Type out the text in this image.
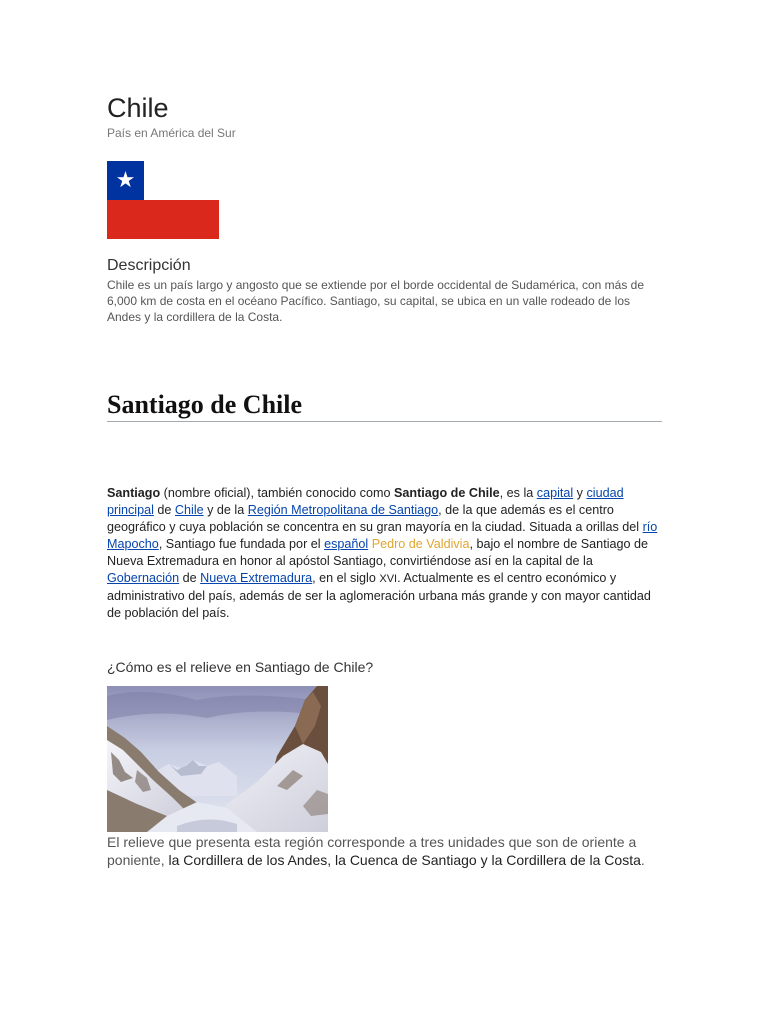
Chile
País en América del Sur
★
Descripción

Chile es un país largo y angosto que se extiende por el borde occidental de Sudamérica, con más de 6,000 km de costa en el océano Pacífico. Santiago, su capital, se ubica en un valle rodeado de los Andes y la cordillera de la Costa.

Santiago de Chile

Santiago (nombre oficial), también conocido como Santiago de Chile, es la capital y ciudad principal de Chile y de la Región Metropolitana de Santiago, de la que además es el centro geográfico y cuya población se concentra en su gran mayoría en la ciudad. Situada a orillas del río Mapocho, Santiago fue fundada por el español Pedro de Valdivia, bajo el nombre de Santiago de Nueva Extremadura en honor al apóstol Santiago, convirtiéndose así en la capital de la Gobernación de Nueva Extremadura, en el siglo XVI. Actualmente es el centro económico y administrativo del país, además de ser la aglomeración urbana más grande y con mayor cantidad de población del país.

¿Cómo es el relieve en Santiago de Chile?

El relieve que presenta esta región corresponde a tres unidades que son de oriente a poniente, la Cordillera de los Andes, la Cuenca de Santiago y la Cordillera de la Costa.
